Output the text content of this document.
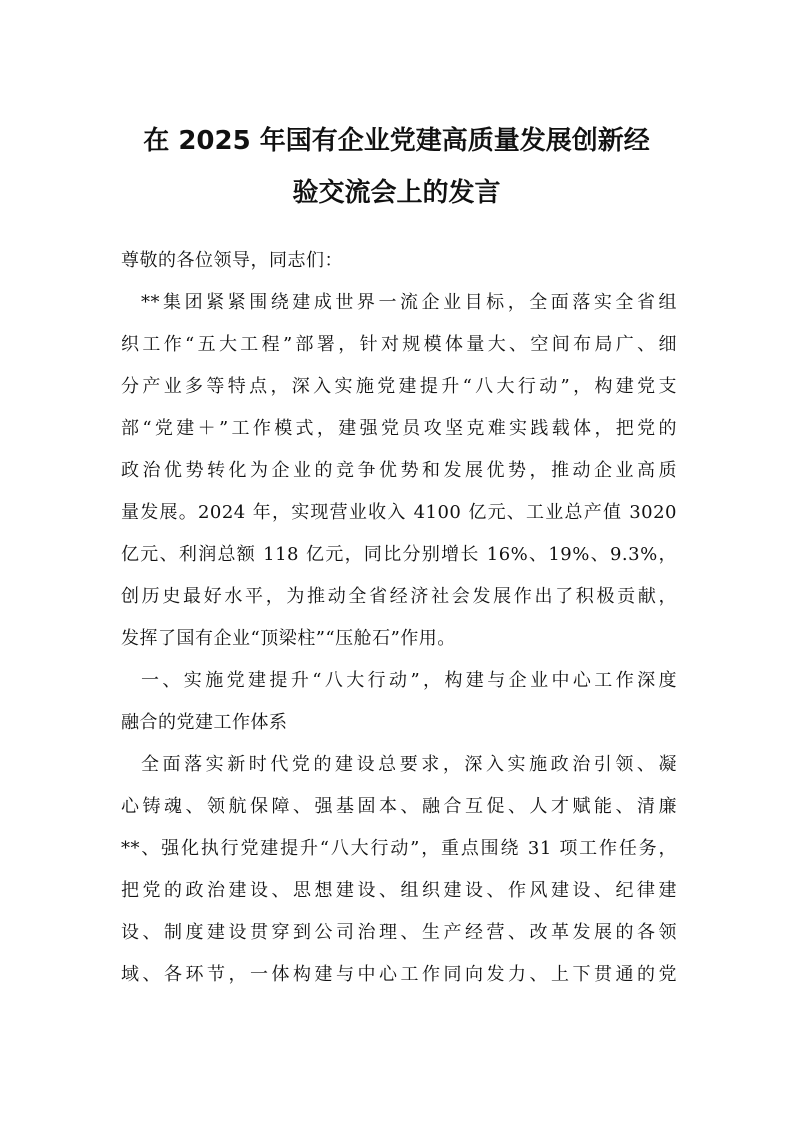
在 2025 年国有企业党建高质量发展创新经
验交流会上的发言

尊敬的各位领导，同志们：

**集团紧紧围绕建成世界一流企业目标，全面落实全省组

织工作“五大工程”部署，针对规模体量大、空间布局广、细

分产业多等特点，深入实施党建提升“八大行动”，构建党支

部“党建＋”工作模式，建强党员攻坚克难实践载体，把党的

政治优势转化为企业的竞争优势和发展优势，推动企业高质

量发展。2024 年，实现营业收入 4100 亿元、工业总产值 3020

亿元、利润总额 118 亿元，同比分别增长 16%、19%、9.3%，

创历史最好水平，为推动全省经济社会发展作出了积极贡献，

发挥了国有企业“顶梁柱”“压舱石”作用。

一、实施党建提升“八大行动”，构建与企业中心工作深度

融合的党建工作体系

全面落实新时代党的建设总要求，深入实施政治引领、凝

心铸魂、领航保障、强基固本、融合互促、人才赋能、清廉

**、强化执行党建提升“八大行动”，重点围绕 31 项工作任务，

把党的政治建设、思想建设、组织建设、作风建设、纪律建

设、制度建设贯穿到公司治理、生产经营、改革发展的各领

域、各环节，一体构建与中心工作同向发力、上下贯通的党
